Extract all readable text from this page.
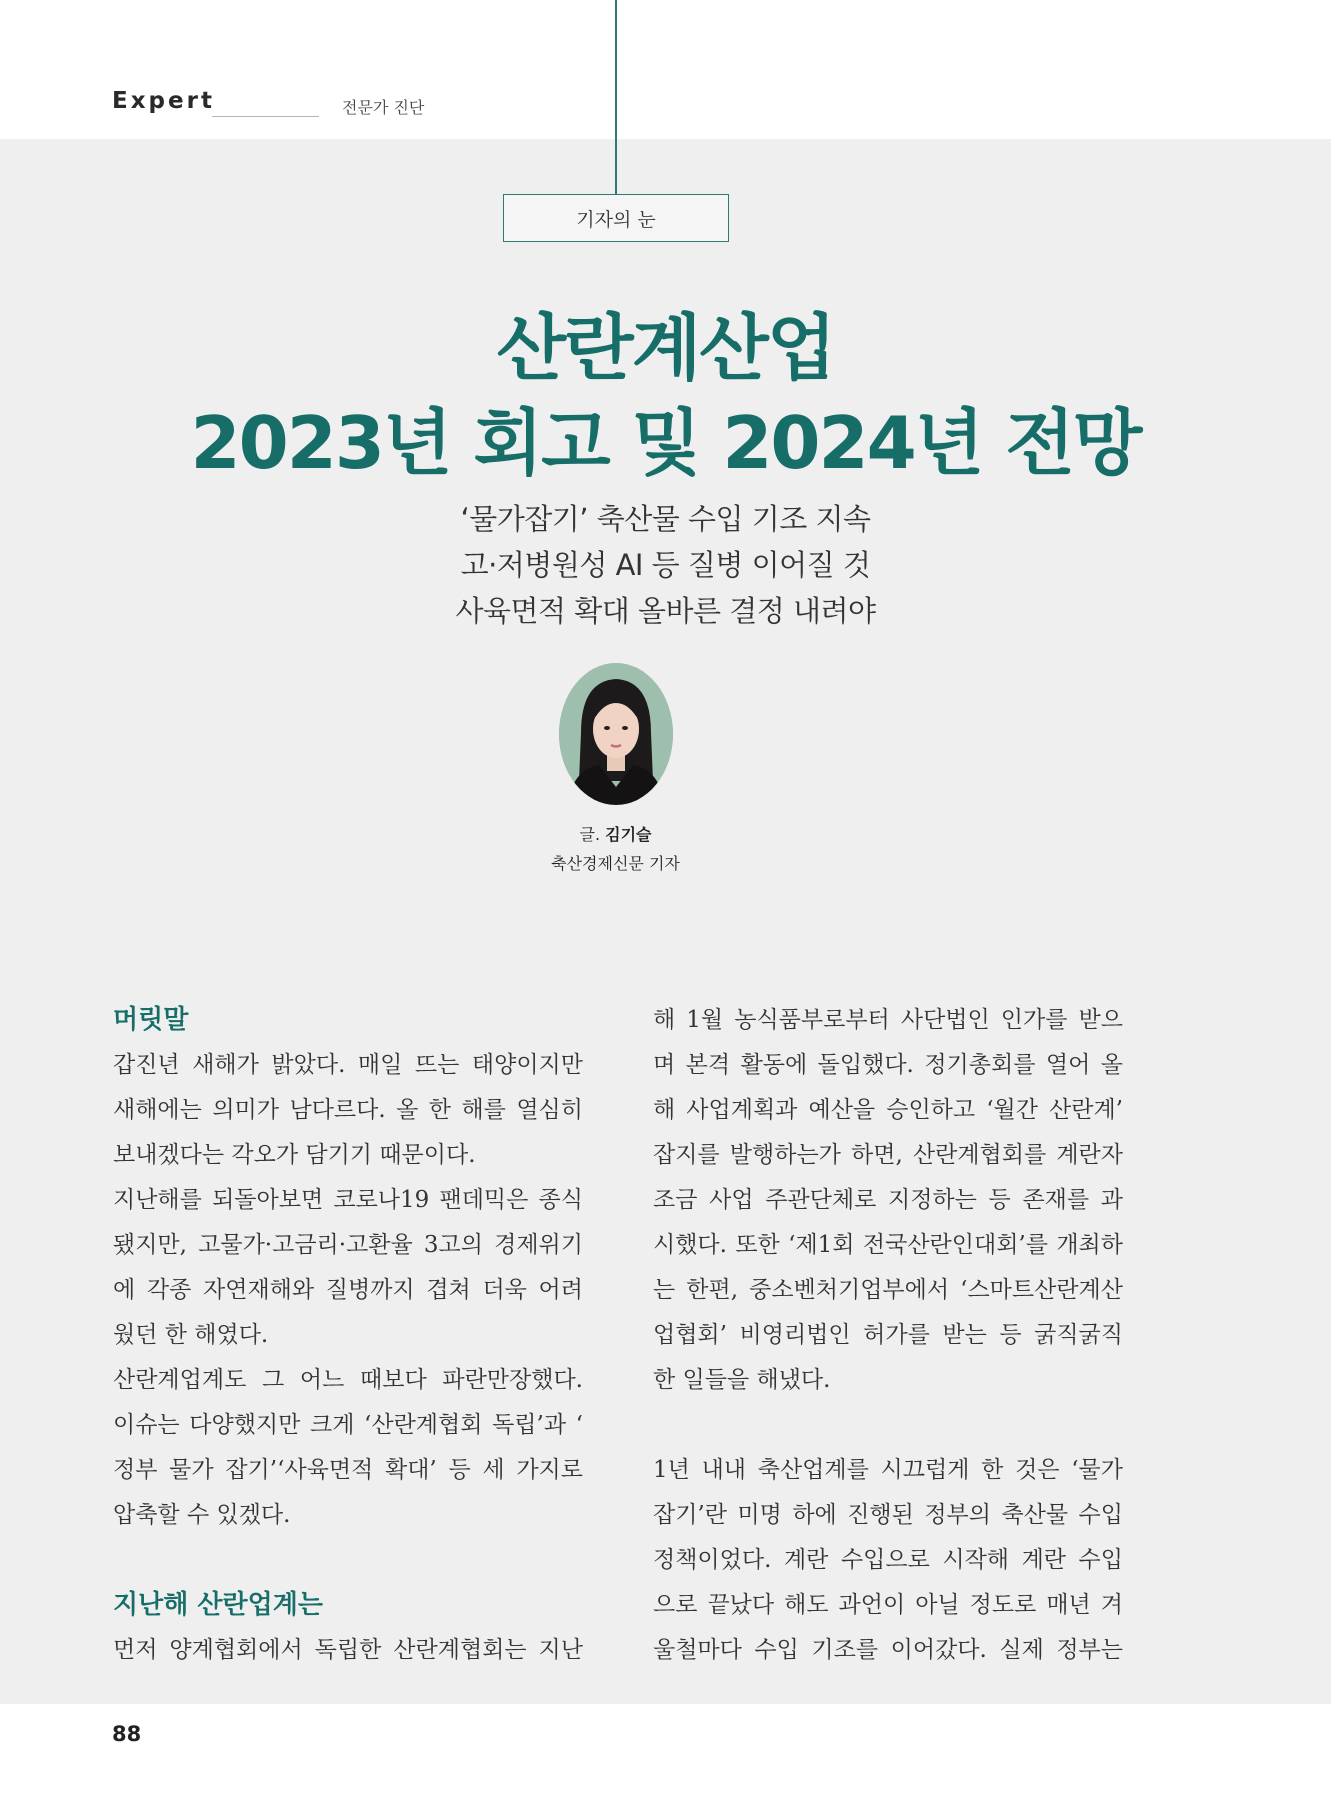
Expert	전문가 진단
기자의 눈
산란계산업
2023년 회고 및 2024년 전망
‘물가잡기’ 축산물 수입 기조 지속
고·저병원성 AI 등 질병 이어질 것
사육면적 확대 올바른 결정 내려야
글. 김기슬
축산경제신문 기자
머릿말
갑진년 새해가 밝았다. 매일 뜨는 태양이지만
새해에는 의미가 남다르다. 올 한 해를 열심히
보내겠다는 각오가 담기기 때문이다.
지난해를 되돌아보면 코로나19 팬데믹은 종식
됐지만, 고물가·고금리·고환율 3고의 경제위기
에 각종 자연재해와 질병까지 겹쳐 더욱 어려
웠던 한 해였다.
산란계업계도 그 어느 때보다 파란만장했다.
이슈는 다양했지만 크게 ‘산란계협회 독립’과 ‘
정부 물가 잡기’‘사육면적 확대’ 등 세 가지로
압축할 수 있겠다.
지난해 산란업계는
먼저 양계협회에서 독립한 산란계협회는 지난
해 1월 농식품부로부터 사단법인 인가를 받으
며 본격 활동에 돌입했다. 정기총회를 열어 올
해 사업계획과 예산을 승인하고 ‘월간 산란계’
잡지를 발행하는가 하면, 산란계협회를 계란자
조금 사업 주관단체로 지정하는 등 존재를 과
시했다. 또한 ‘제1회 전국산란인대회’를 개최하
는 한편, 중소벤처기업부에서 ‘스마트산란계산
업협회’ 비영리법인 허가를 받는 등 굵직굵직
한 일들을 해냈다.
1년 내내 축산업계를 시끄럽게 한 것은 ‘물가
잡기’란 미명 하에 진행된 정부의 축산물 수입
정책이었다. 계란 수입으로 시작해 계란 수입
으로 끝났다 해도 과언이 아닐 정도로 매년 겨
울철마다 수입 기조를 이어갔다. 실제 정부는
88
